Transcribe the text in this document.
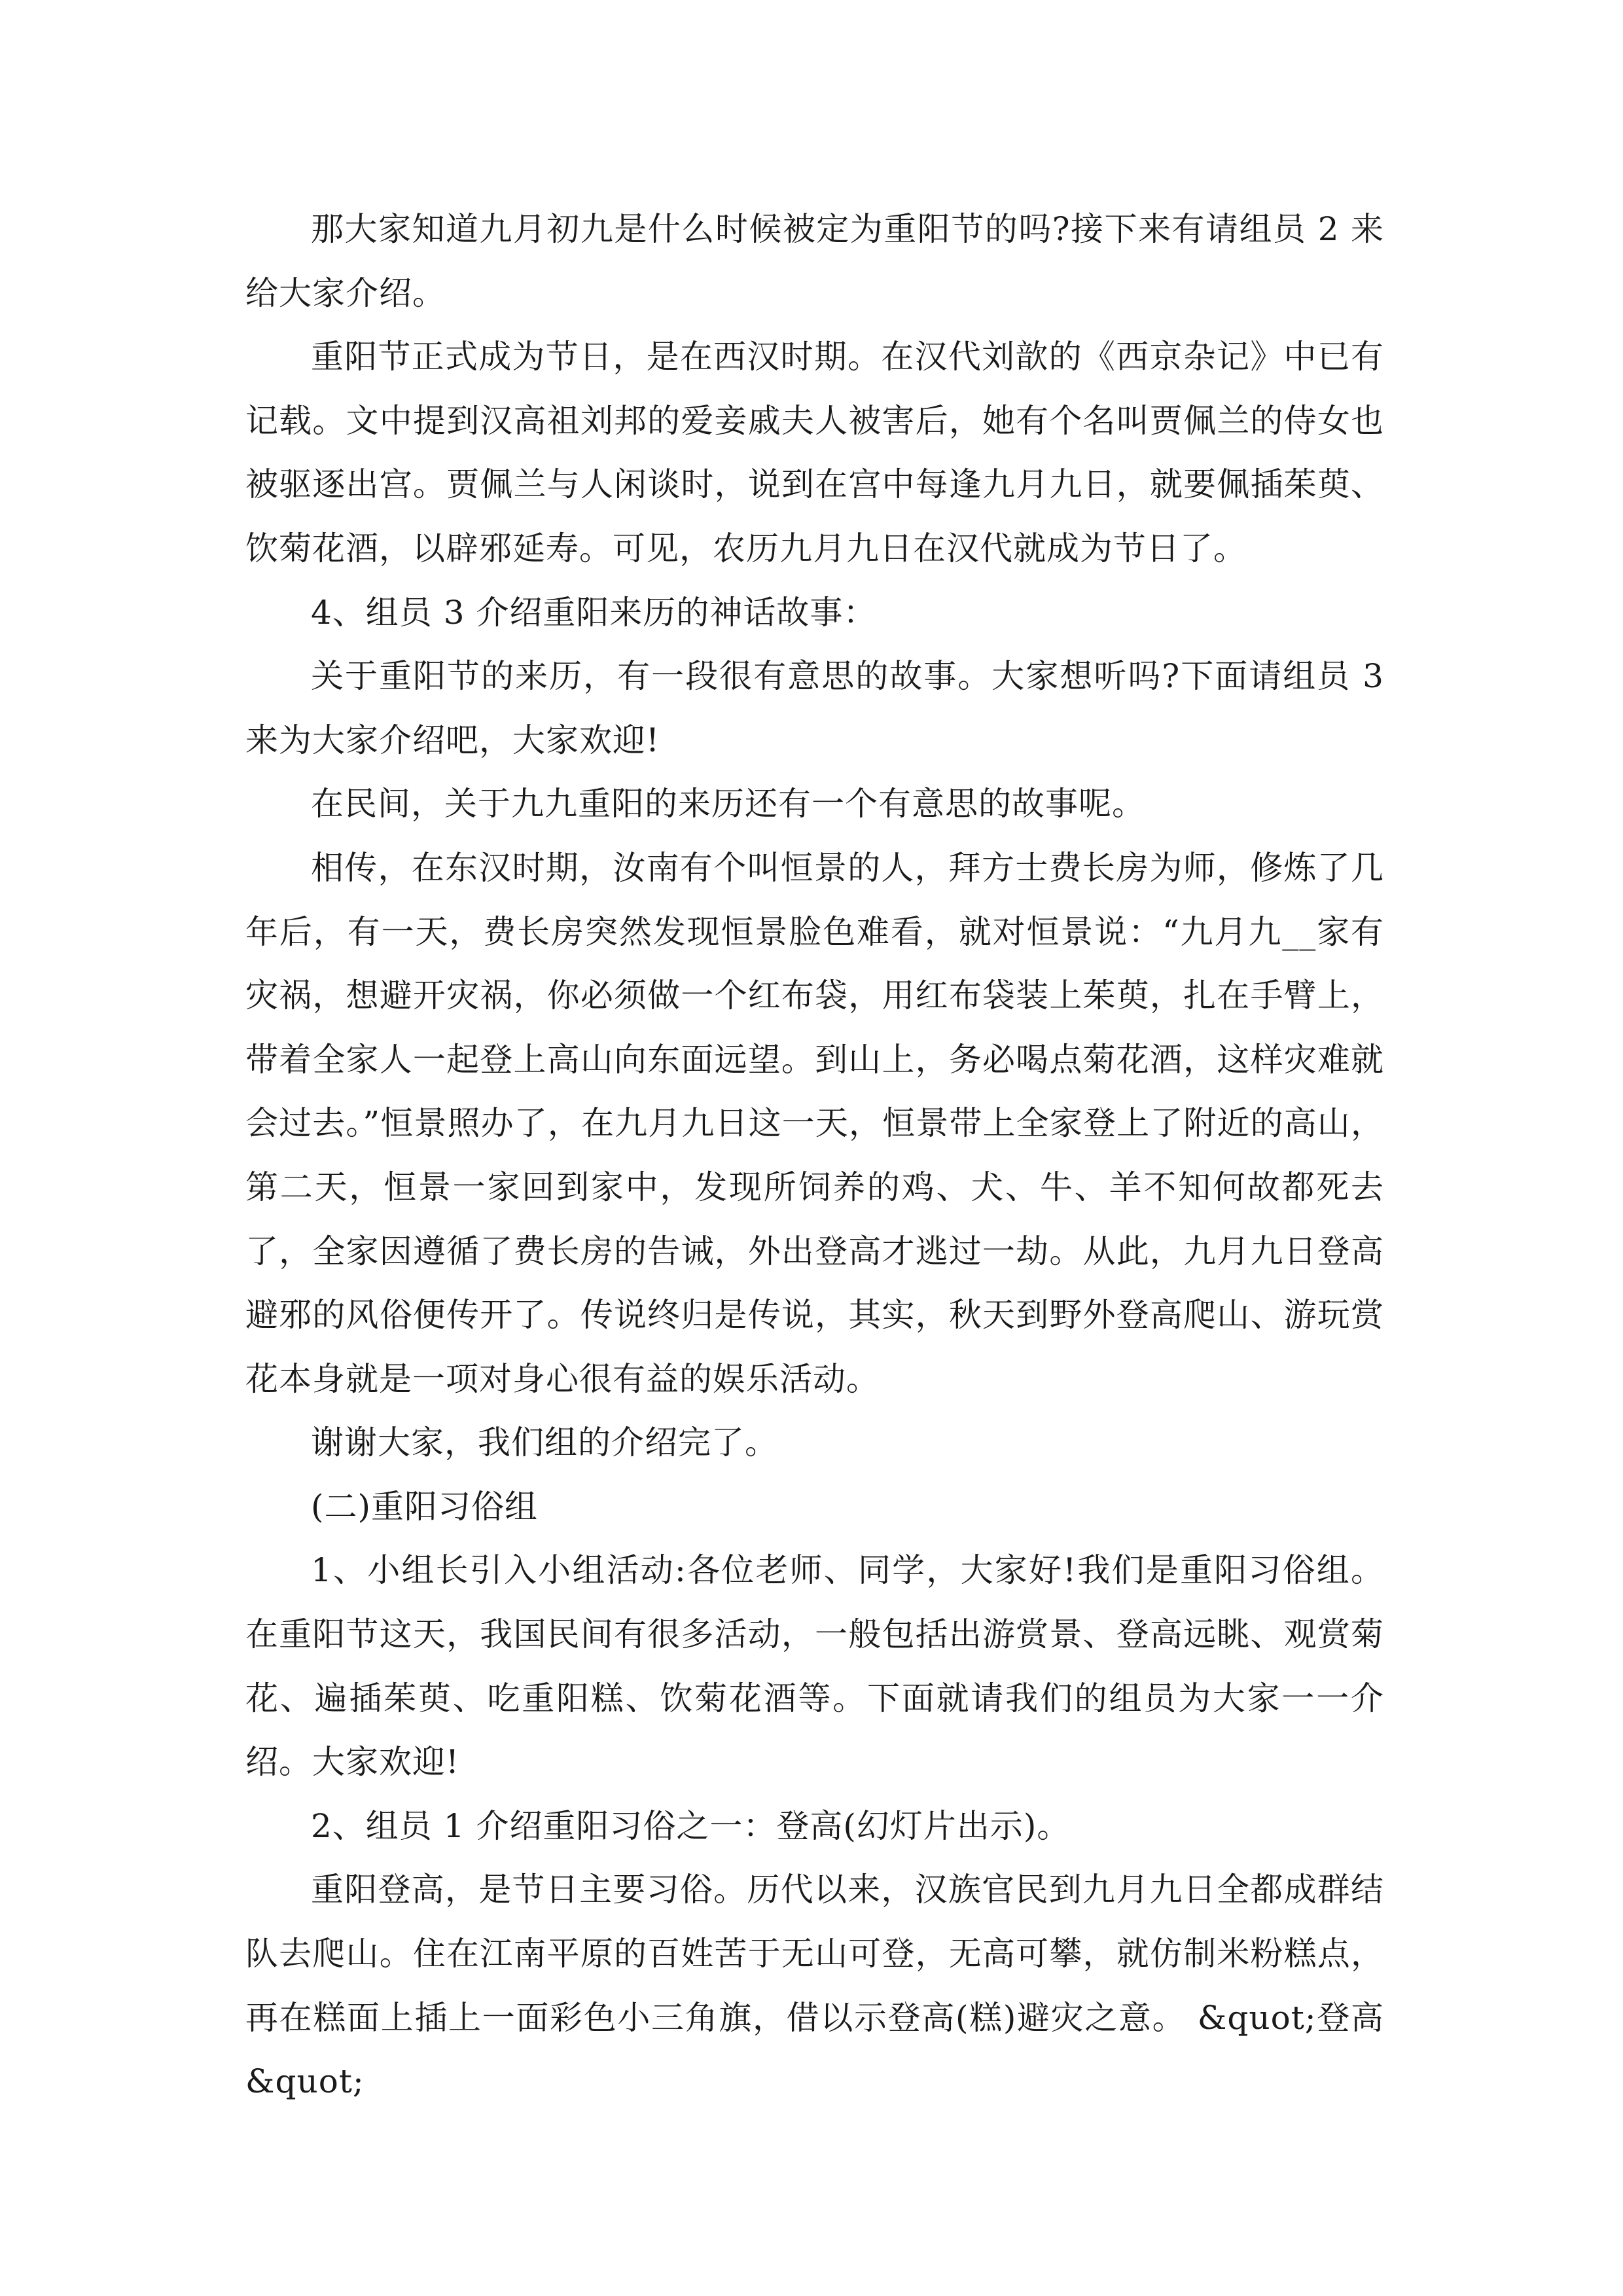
那大家知道九月初九是什么时候被定为重阳节的吗?接下来有请组员 2 来给大家介绍。

重阳节正式成为节日，是在西汉时期。在汉代刘歆的《西京杂记》中已有记载。文中提到汉高祖刘邦的爱妾戚夫人被害后，她有个名叫贾佩兰的侍女也被驱逐出宫。贾佩兰与人闲谈时，说到在宫中每逢九月九日，就要佩插茱萸、饮菊花酒，以辟邪延寿。可见，农历九月九日在汉代就成为节日了。

4、组员 3 介绍重阳来历的神话故事：

关于重阳节的来历，有一段很有意思的故事。大家想听吗?下面请组员 3 来为大家介绍吧，大家欢迎!

在民间，关于九九重阳的来历还有一个有意思的故事呢。

相传，在东汉时期，汝南有个叫恒景的人，拜方士费长房为师，修炼了几年后，有一天，费长房突然发现恒景脸色难看，就对恒景说：“九月九__家有灾祸，想避开灾祸，你必须做一个红布袋，用红布袋装上茱萸，扎在手臂上，带着全家人一起登上高山向东面远望。到山上，务必喝点菊花酒，这样灾难就会过去。”恒景照办了，在九月九日这一天，恒景带上全家登上了附近的高山，第二天，恒景一家回到家中，发现所饲养的鸡、犬、牛、羊不知何故都死去了，全家因遵循了费长房的告诫，外出登高才逃过一劫。从此，九月九日登高避邪的风俗便传开了。传说终归是传说，其实，秋天到野外登高爬山、游玩赏花本身就是一项对身心很有益的娱乐活动。

谢谢大家，我们组的介绍完了。

(二)重阳习俗组

1、小组长引入小组活动:各位老师、同学，大家好!我们是重阳习俗组。在重阳节这天，我国民间有很多活动，一般包括出游赏景、登高远眺、观赏菊花、遍插茱萸、吃重阳糕、饮菊花酒等。下面就请我们的组员为大家一一介绍。大家欢迎!

2、组员 1 介绍重阳习俗之一：登高(幻灯片出示)。

重阳登高，是节日主要习俗。历代以来，汉族官民到九月九日全都成群结队去爬山。住在江南平原的百姓苦于无山可登，无高可攀，就仿制米粉糕点，再在糕面上插上一面彩色小三角旗，借以示登高(糕)避灾之意。 &quot;登高&quot;
